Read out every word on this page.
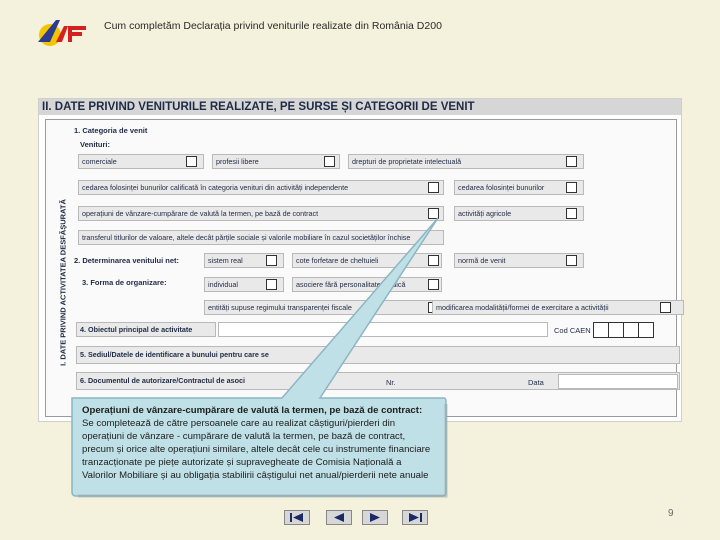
Cum completăm Declarația privind veniturile realizate din România D200
II. DATE PRIVIND VENITURILE REALIZATE, PE SURSE ȘI CATEGORII DE VENIT
I. DATE PRIVIND ACTIVITATEA DESFĂȘURATĂ
1. Categoria de venit
Venituri:
comerciale	profesii libere	drepturi de proprietate intelectuală
cedarea folosinței bunurilor calificată în categoria venituri din activități independente	cedarea folosinței bunurilor
operațiuni de vânzare-cumpărare de valută la termen, pe bază de contract	activități agricole
transferul titlurilor de valoare, altele decât părțile sociale și valorile mobiliare în cazul societăților închise
2. Determinarea venitului net:	sistem real	cote forfetare de cheltuieli	normă de venit
3. Forma de organizare:	individual	asociere fără personalitate juridică
entități supuse regimului transparenței fiscale	modificarea modalității/formei de exercitare a activității
4. Obiectul principal de activitate	Cod CAEN
5. Sediul/Datele de identificare a bunului pentru care se
6. Documentul de autorizare/Contractul de asoci	Nr.	Data
Operațiuni de vânzare-cumpărare de valută la termen, pe bază de contract: Se completează de către persoanele care au realizat câștiguri/pierderi din operațiuni de vânzare - cumpărare de valută la termen, pe bază de contract, precum și orice alte operațiuni similare, altele decât cele cu instrumente financiare tranzacționate pe piețe autorizate și supravegheate de Comisia Națională a Valorilor Mobiliare și au obligația stabilirii câștigului net anual/pierderii nete anuale
9
